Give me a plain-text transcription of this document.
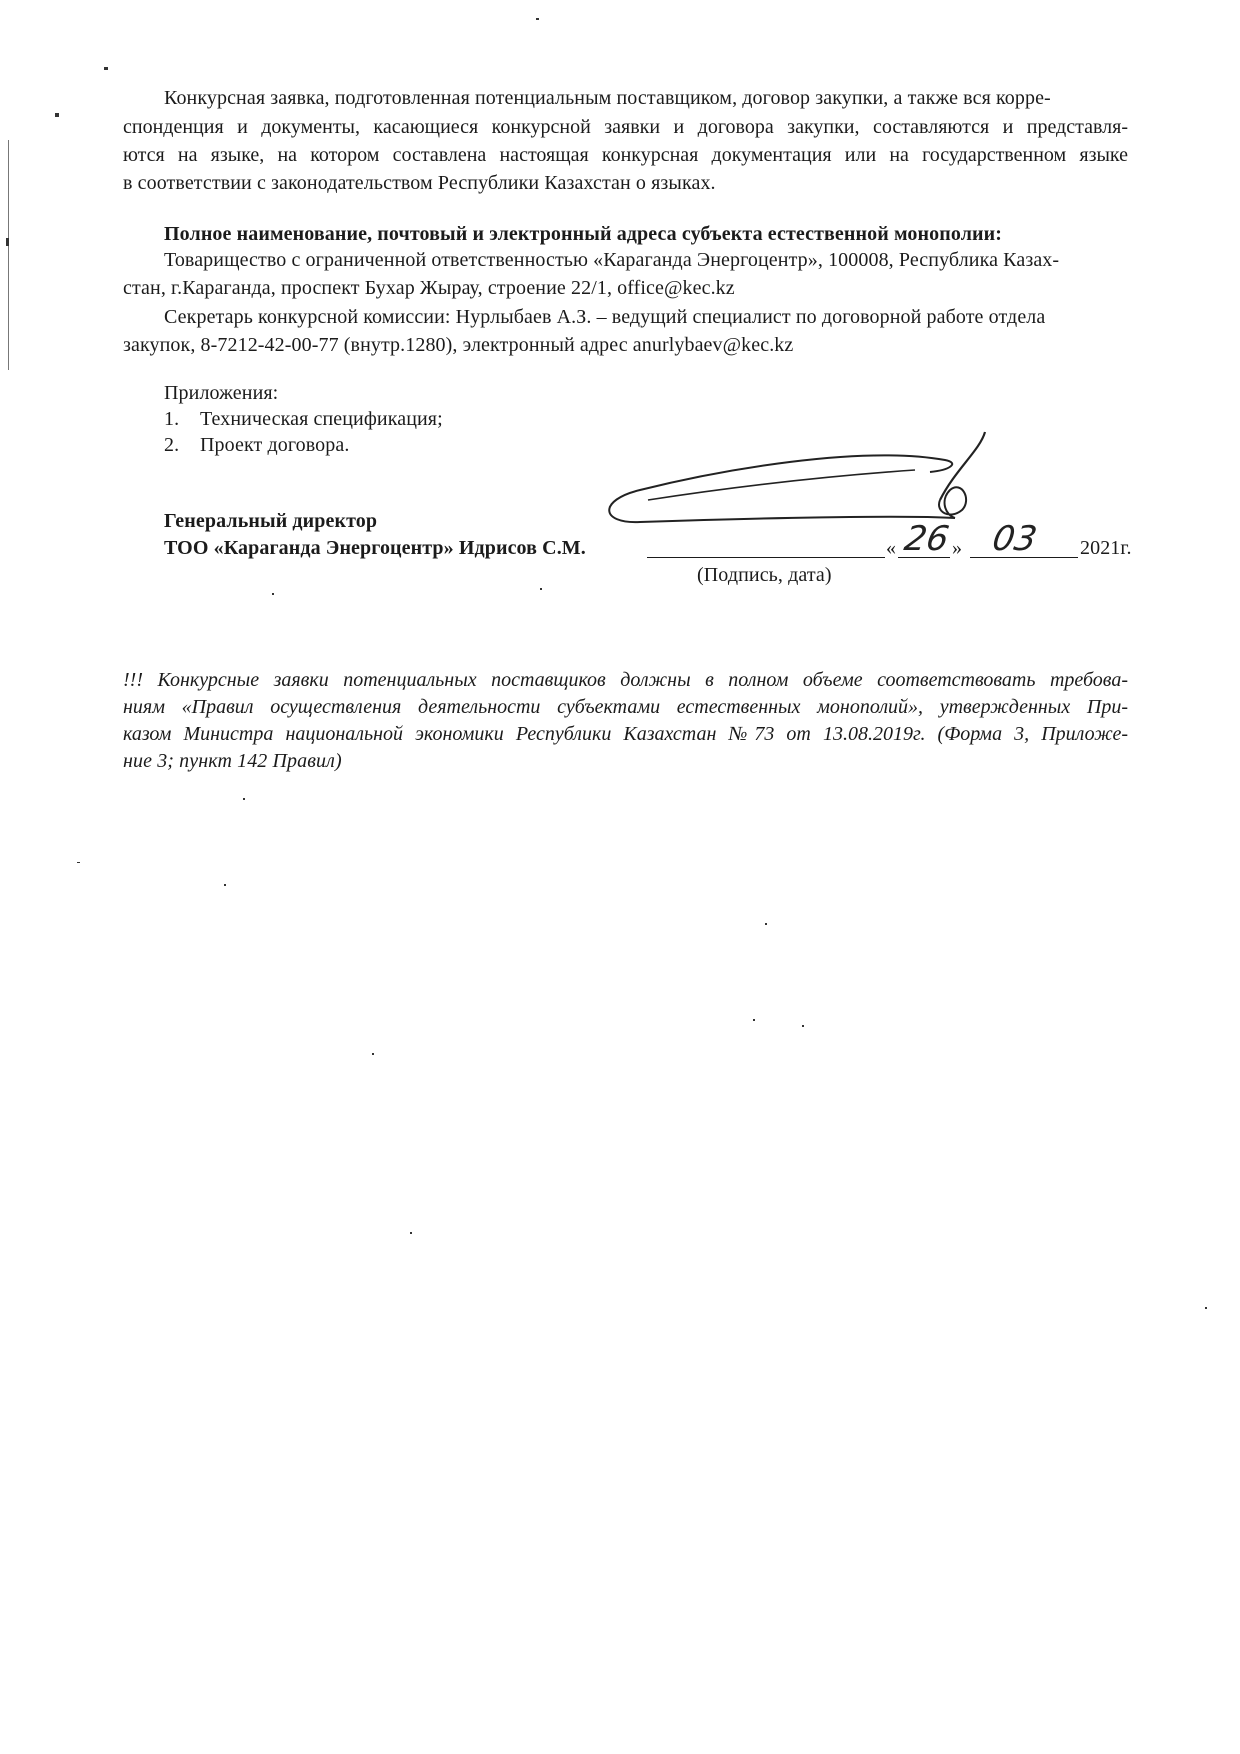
Конкурсная заявка, подготовленная потенциальным поставщиком, договор закупки, а также вся корре-
спонденция и документы, касающиеся конкурсной заявки и договора закупки, составляются и представля-
ются на языке, на котором составлена настоящая конкурсная документация или на государственном языке
в соответствии с законодательством Республики Казахстан о языках.
Полное наименование, почтовый и электронный адреса субъекта естественной монополии:
Товарищество с ограниченной ответственностью «Караганда Энергоцентр», 100008, Республика Казах-
стан, г.Караганда, проспект Бухар Жырау, строение 22/1, office@kec.kz
Секретарь конкурсной комиссии: Нурлыбаев А.З. – ведущий специалист по договорной работе отдела
закупок, 8-7212-42-00-77 (внутр.1280), электронный адрес anurlybaev@kec.kz
Приложения:
1. Техническая спецификация;
2. Проект договора.
Генеральный директор
ТОО «Караганда Энергоцентр» Идрисов С.М.	« 26 » 03 2021г.
(Подпись, дата)
!!! Конкурсные заявки потенциальных поставщиков должны в полном объеме соответствовать требова-
ниям «Правил осуществления деятельности субъектами естественных монополий», утвержденных При-
казом Министра национальной экономики Республики Казахстан №73 от 13.08.2019г. (Форма 3, Приложе-
ние 3; пункт 142 Правил)
